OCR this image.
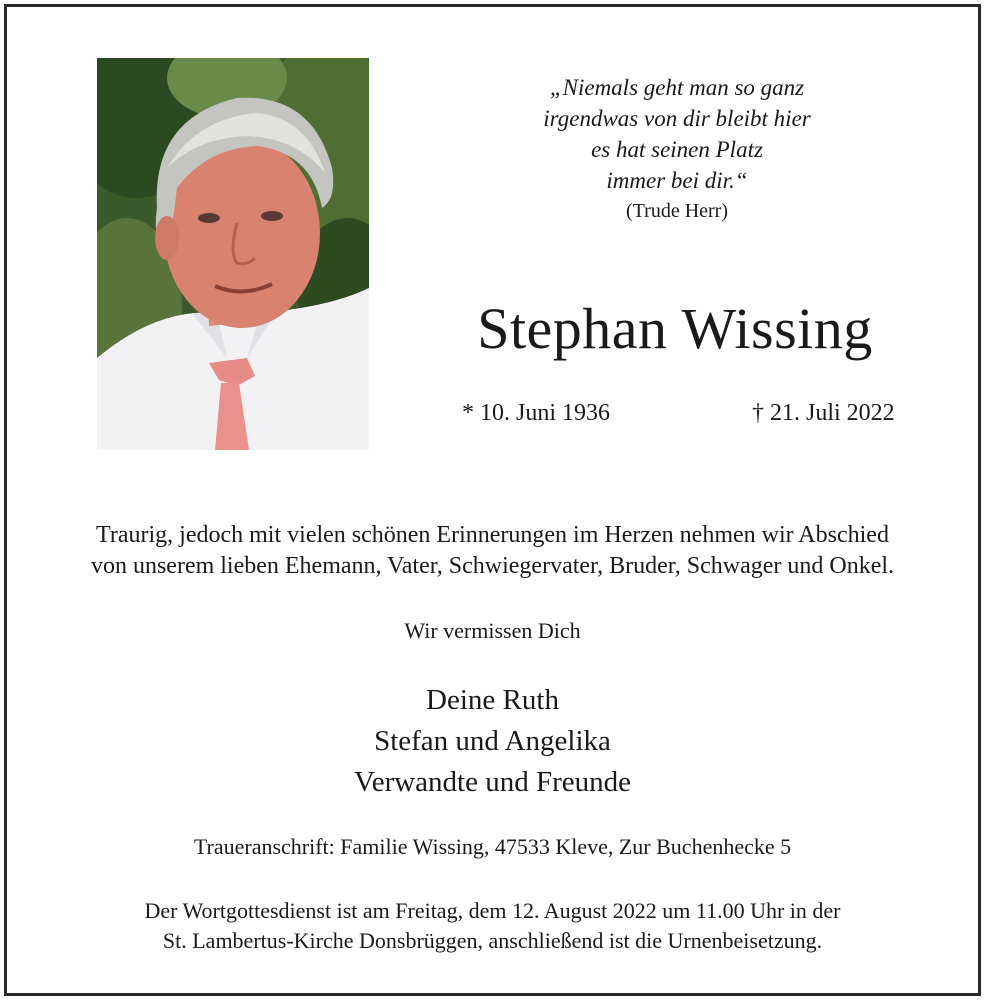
„Niemals geht man so ganz
irgendwas von dir bleibt hier
es hat seinen Platz
immer bei dir.“
(Trude Herr)
Stephan Wissing
* 10. Juni 1936	† 21. Juli 2022
Traurig, jedoch mit vielen schönen Erinnerungen im Herzen nehmen wir Abschied
von unserem lieben Ehemann, Vater, Schwiegervater, Bruder, Schwager und Onkel.
Wir vermissen Dich
Deine Ruth
Stefan und Angelika
Verwandte und Freunde
Traueranschrift: Familie Wissing, 47533 Kleve, Zur Buchenhecke 5
Der Wortgottesdienst ist am Freitag, dem 12. August 2022 um 11.00 Uhr in der
St. Lambertus-Kirche Donsbrüggen, anschließend ist die Urnenbeisetzung.
